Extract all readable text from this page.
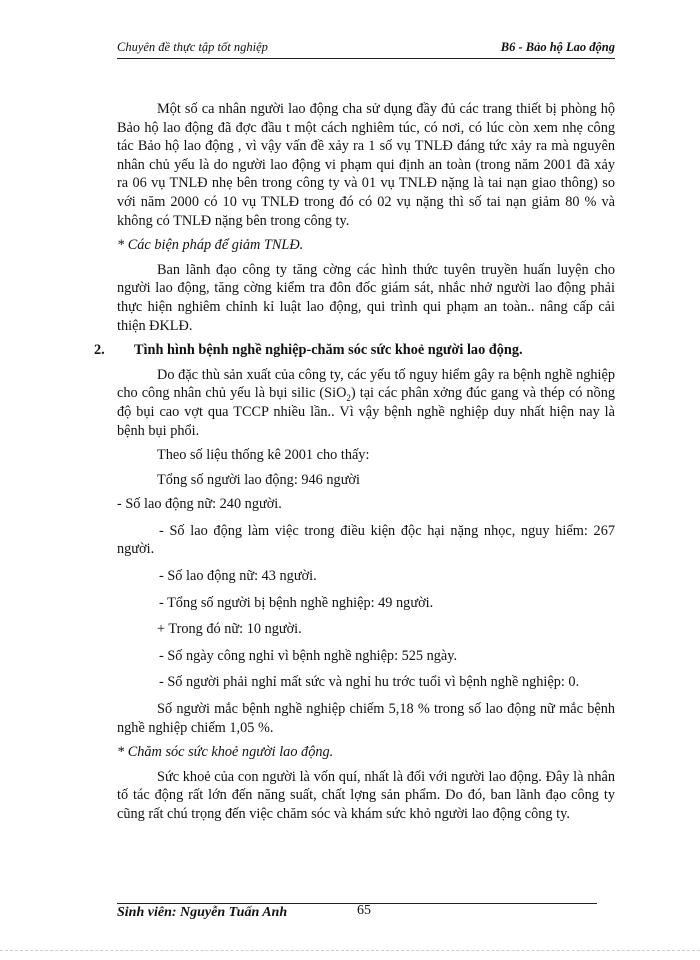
Chuyên đề thực tập tốt nghiệp	B6 - Bảo hộ Lao động

Một số ca nhân người lao động cha sử dụng đầy đủ các trang thiết bị phòng hộ Bảo hộ lao động đã đợc đầu t một cách nghiêm túc, có nơi, có lúc còn xem nhẹ công tác Bảo hộ lao động , vì vậy vấn đề xảy ra 1 số vụ TNLĐ đáng tức xảy ra mà nguyên nhân chủ yếu là do người lao động vi phạm qui định an toàn (trong năm 2001 đã xảy ra 06 vụ TNLĐ nhẹ bên trong công ty và 01 vụ TNLĐ nặng là tai nạn giao thông) so với năm 2000 có 10 vụ TNLĐ trong đó có 02 vụ nặng thì số tai nạn giảm 80 % và không có TNLĐ nặng bên trong công ty.

* Các biện pháp để giảm TNLĐ.

Ban lãnh đạo công ty tăng cờng các hình thức tuyên truyền huấn luyện cho người lao động, tăng cờng kiểm tra đôn đốc giám sát, nhắc nhở người lao động phải thực hiện nghiêm chỉnh kỉ luật lao động, qui trình qui phạm an toàn.. nâng cấp cải thiện ĐKLĐ.

2. Tình hình bệnh nghề nghiệp-chăm sóc sức khoẻ người lao động.

Do đặc thù sản xuất của công ty, các yếu tố nguy hiểm gây ra bệnh nghề nghiệp cho công nhân chủ yếu là bụi silic (SiO$_2$) tại các phân xởng đúc gang và thép có nồng độ bụi cao vợt qua TCCP nhiều lần.. Vì vậy bệnh nghề nghiệp duy nhất hiện nay là bệnh bụi phổi.

Theo số liệu thống kê 2001 cho thấy:

Tổng số người lao động: 946 người

- Số lao động nữ: 240 người.

- Số lao động làm việc trong điều kiện độc hại nặng nhọc, nguy hiểm: 267 người.

- Số lao động nữ: 43 người.

- Tổng số người bị bệnh nghề nghiệp: 49 người.

+ Trong đó nữ: 10 người.

- Số ngày công nghỉ vì bệnh nghề nghiệp: 525 ngày.

- Số người phải nghỉ mất sức và nghỉ hu trớc tuổi vì bệnh nghề nghiệp: 0.

Số người mắc bệnh nghề nghiệp chiếm 5,18 % trong số lao động nữ mắc bệnh nghề nghiệp chiếm 1,05 %.

* Chăm sóc sức khoẻ người lao động.

Sức khoẻ của con người là vốn quí, nhất là đối với người lao động. Đây là nhân tố tác động rất lớn đến năng suất, chất lợng sản phẩm. Do đó, ban lãnh đạo công ty cũng rất chú trọng đến việc chăm sóc và khám sức khỏ người lao động công ty.

Sinh viên: Nguyễn Tuấn Anh	65
